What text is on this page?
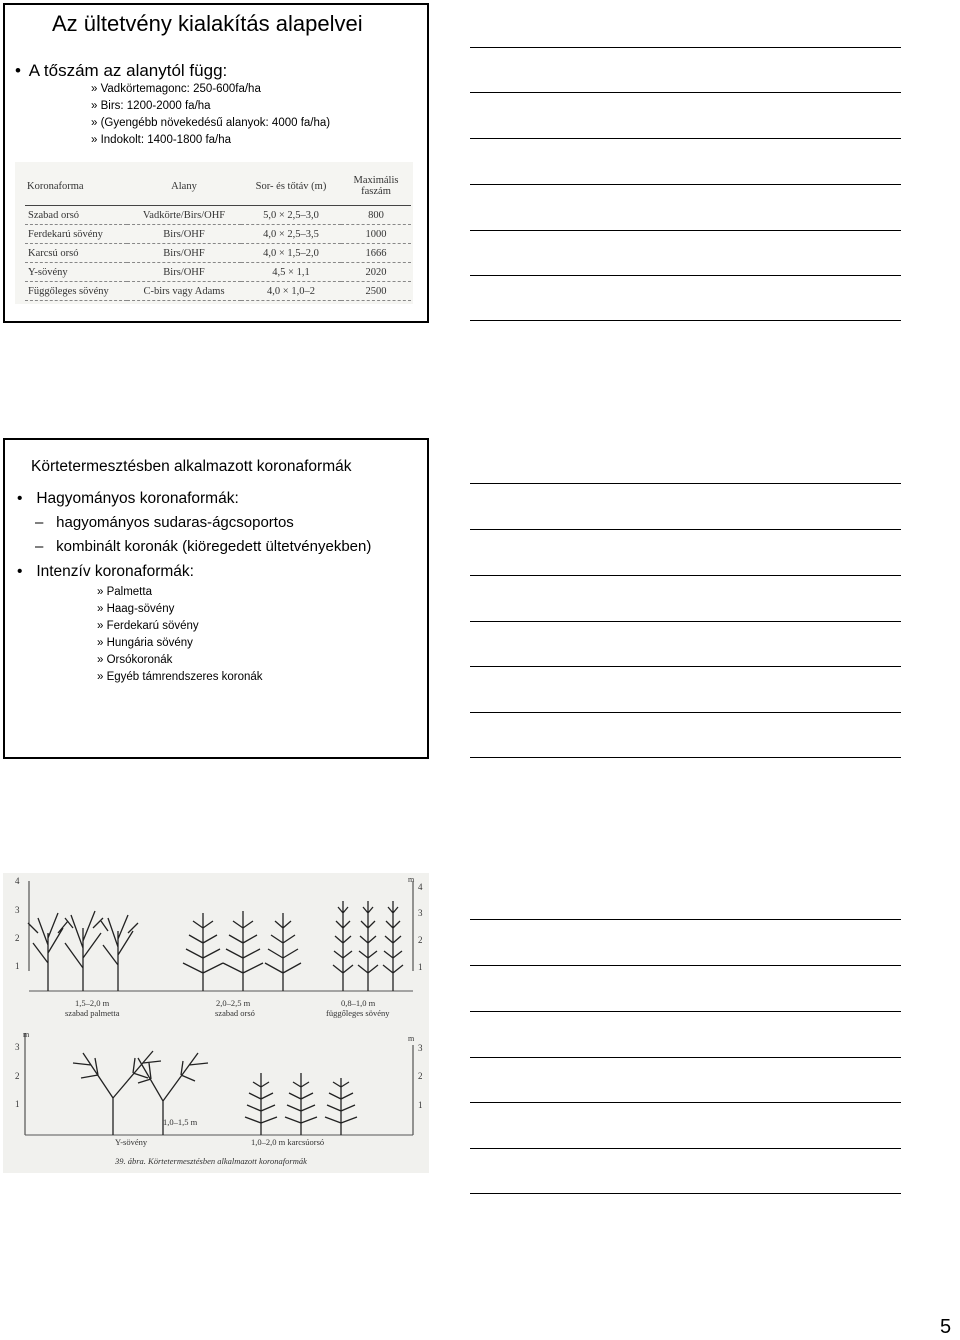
Az ültetvény kialakítás alapelvei
• A tőszám az alanytól függ:
» Vadkörtemagonc: 250-600fa/ha
» Birs: 1200-2000 fa/ha
» (Gyengébb növekedésű alanyok: 4000 fa/ha)
» Indokolt: 1400-1800 fa/ha
Koronaforma	Alany	Sor- és tőtáv (m)	Maximális faszám
Szabad orsó	Vadkörte/Birs/OHF	5,0 × 2,5–3,0	800
Ferdekarú sövény	Birs/OHF	4,0 × 2,5–3,5	1000
Karcsú orsó	Birs/OHF	4,0 × 1,5–2,0	1666
Y-sövény	Birs/OHF	4,5 × 1,1	2020
Függőleges sövény	C-birs vagy Adams	4,0 × 1,0–2	2500
Körtetermesztésben alkalmazott koronaformák
• Hagyományos koronaformák:
– hagyományos sudaras-ágcsoportos
– kombinált koronák (kiöregedett ültetvényekben)
• Intenzív koronaformák:
» Palmetta
» Haag-sövény
» Ferdekarú sövény
» Hungária sövény
» Orsókoronák
» Egyéb támrendszeres koronák
4
3
2
1
m
4
3
2
1
1,5–2,0 m
szabad palmetta
2,0–2,5 m
szabad orsó
0,8–1,0 m
függőleges sövény
m
3
2
1
m
3
2
1
1,0–1,5 m
Y-sövény	1,0–2,0 m karcsúorsó
39. ábra. Körtetermesztésben alkalmazott koronaformák
5
